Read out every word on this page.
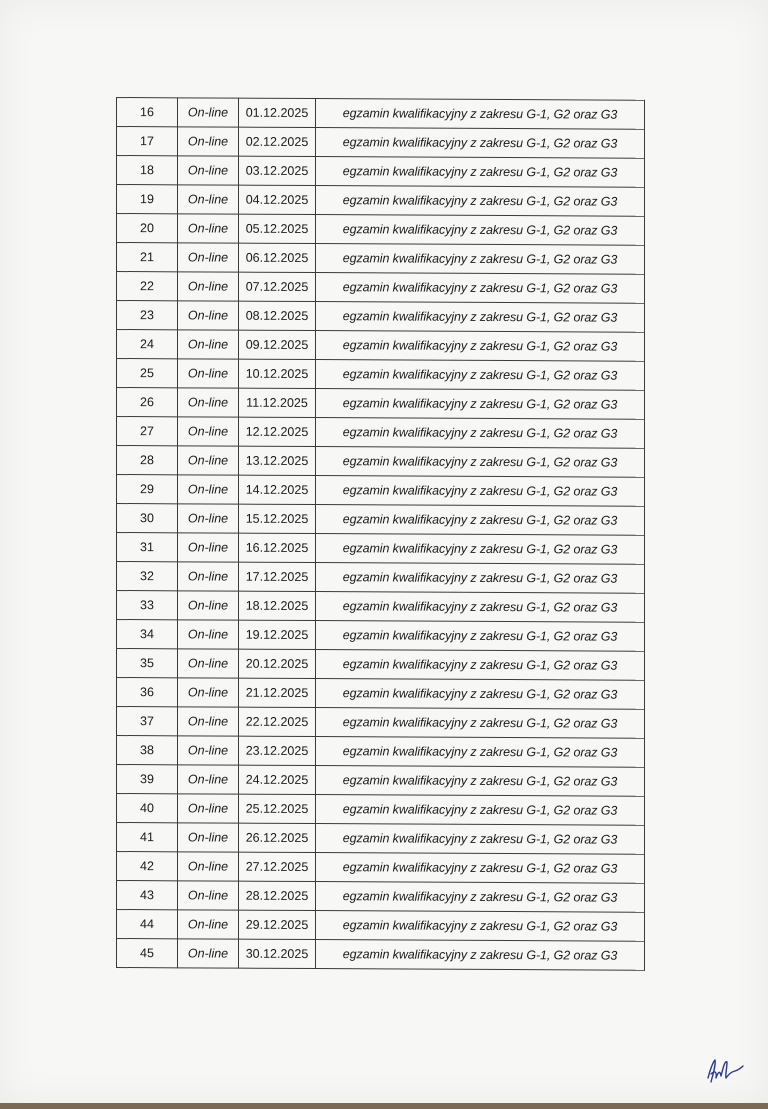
16	On-line	01.12.2025	egzamin kwalifikacyjny z zakresu G-1, G2 oraz G3
17	On-line	02.12.2025	egzamin kwalifikacyjny z zakresu G-1, G2 oraz G3
18	On-line	03.12.2025	egzamin kwalifikacyjny z zakresu G-1, G2 oraz G3
19	On-line	04.12.2025	egzamin kwalifikacyjny z zakresu G-1, G2 oraz G3
20	On-line	05.12.2025	egzamin kwalifikacyjny z zakresu G-1, G2 oraz G3
21	On-line	06.12.2025	egzamin kwalifikacyjny z zakresu G-1, G2 oraz G3
22	On-line	07.12.2025	egzamin kwalifikacyjny z zakresu G-1, G2 oraz G3
23	On-line	08.12.2025	egzamin kwalifikacyjny z zakresu G-1, G2 oraz G3
24	On-line	09.12.2025	egzamin kwalifikacyjny z zakresu G-1, G2 oraz G3
25	On-line	10.12.2025	egzamin kwalifikacyjny z zakresu G-1, G2 oraz G3
26	On-line	11.12.2025	egzamin kwalifikacyjny z zakresu G-1, G2 oraz G3
27	On-line	12.12.2025	egzamin kwalifikacyjny z zakresu G-1, G2 oraz G3
28	On-line	13.12.2025	egzamin kwalifikacyjny z zakresu G-1, G2 oraz G3
29	On-line	14.12.2025	egzamin kwalifikacyjny z zakresu G-1, G2 oraz G3
30	On-line	15.12.2025	egzamin kwalifikacyjny z zakresu G-1, G2 oraz G3
31	On-line	16.12.2025	egzamin kwalifikacyjny z zakresu G-1, G2 oraz G3
32	On-line	17.12.2025	egzamin kwalifikacyjny z zakresu G-1, G2 oraz G3
33	On-line	18.12.2025	egzamin kwalifikacyjny z zakresu G-1, G2 oraz G3
34	On-line	19.12.2025	egzamin kwalifikacyjny z zakresu G-1, G2 oraz G3
35	On-line	20.12.2025	egzamin kwalifikacyjny z zakresu G-1, G2 oraz G3
36	On-line	21.12.2025	egzamin kwalifikacyjny z zakresu G-1, G2 oraz G3
37	On-line	22.12.2025	egzamin kwalifikacyjny z zakresu G-1, G2 oraz G3
38	On-line	23.12.2025	egzamin kwalifikacyjny z zakresu G-1, G2 oraz G3
39	On-line	24.12.2025	egzamin kwalifikacyjny z zakresu G-1, G2 oraz G3
40	On-line	25.12.2025	egzamin kwalifikacyjny z zakresu G-1, G2 oraz G3
41	On-line	26.12.2025	egzamin kwalifikacyjny z zakresu G-1, G2 oraz G3
42	On-line	27.12.2025	egzamin kwalifikacyjny z zakresu G-1, G2 oraz G3
43	On-line	28.12.2025	egzamin kwalifikacyjny z zakresu G-1, G2 oraz G3
44	On-line	29.12.2025	egzamin kwalifikacyjny z zakresu G-1, G2 oraz G3
45	On-line	30.12.2025	egzamin kwalifikacyjny z zakresu G-1, G2 oraz G3
